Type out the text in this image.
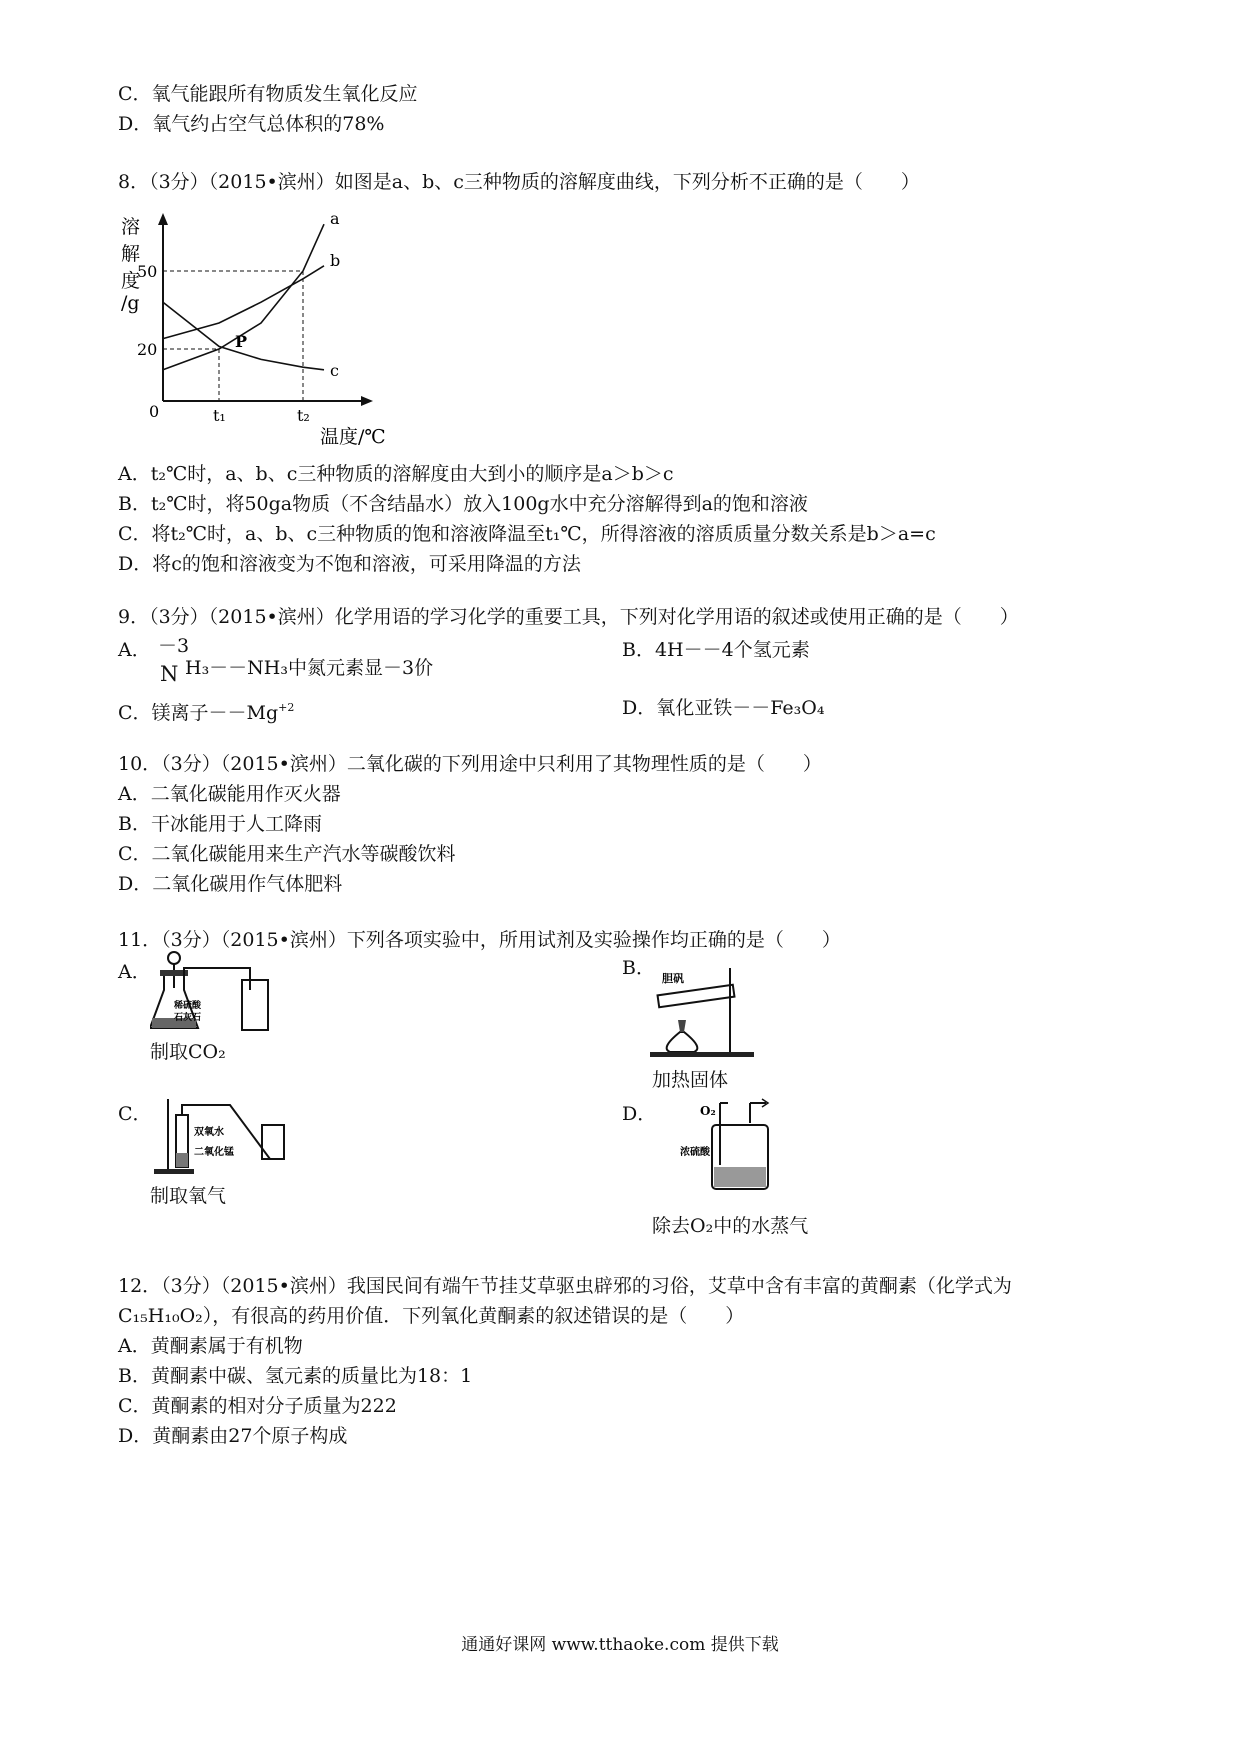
C．氧气能跟所有物质发生氧化反应
D．氧气约占空气总体积的78%
8．（3分）（2015•滨州）如图是a、b、c三种物质的溶解度曲线，下列分析不正确的是（　　）
溶
解
度
/g
0
20
50
t₁	t₂
温度/℃
a
b
c
P
A．t₂℃时，a、b、c三种物质的溶解度由大到小的顺序是a＞b＞c
B．t₂℃时，将50ga物质（不含结晶水）放入100g水中充分溶解得到a的饱和溶液
C．将t₂℃时，a、b、c三种物质的饱和溶液降温至t₁℃，所得溶液的溶质质量分数关系是b＞a=c
D．将c的饱和溶液变为不饱和溶液，可采用降温的方法
9．（3分）（2015•滨州）化学用语的学习化学的重要工具，下列对化学用语的叙述或使用正确的是（　　）
A． －3
N H₃－－NH₃中氮元素显－3价
B．4H－－4个氢元素
C．镁离子$--Mg^{+2}$	D．氧化亚铁－－Fe₃O₄
10．（3分）（2015•滨州）二氧化碳的下列用途中只利用了其物理性质的是（　　）
A．二氧化碳能用作灭火器
B．干冰能用于人工降雨
C．二氧化碳能用来生产汽水等碳酸饮料
D．二氧化碳用作气体肥料
11．（3分）（2015•滨州）下列各项实验中，所用试剂及实验操作均正确的是（　　）
A．
稀硫酸
石灰石
制取CO₂
B． 胆矾
加热固体
C．
双氧水
二氧化锰
制取氧气
D．	O₂
浓硫酸
除去O₂中的水蒸气
12．（3分）（2015•滨州）我国民间有端午节挂艾草驱虫辟邪的习俗，艾草中含有丰富的黄酮素（化学式为
C₁₅H₁₀O₂），有很高的药用价值．下列氧化黄酮素的叙述错误的是（　　）
A．黄酮素属于有机物
B．黄酮素中碳、氢元素的质量比为18：1
C．黄酮素的相对分子质量为222
D．黄酮素由27个原子构成
通通好课网 www.tthaoke.com 提供下载
